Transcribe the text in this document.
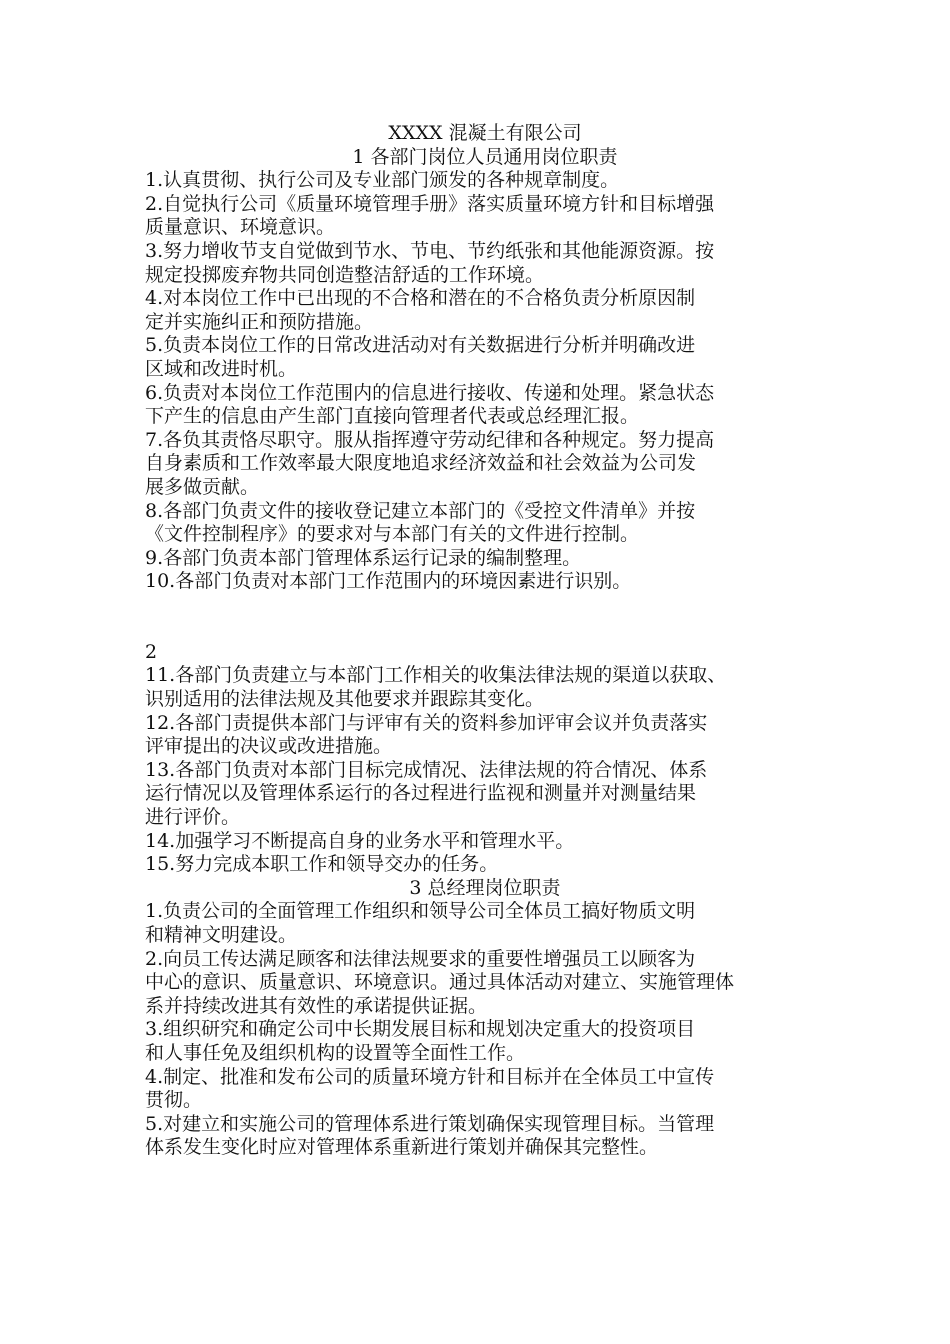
XXXX 混凝土有限公司

1 各部门岗位人员通用岗位职责

1.认真贯彻、执行公司及专业部门颁发的各种规章制度。

2.自觉执行公司《质量环境管理手册》落实质量环境方针和目标增强

质量意识、环境意识。

3.努力增收节支自觉做到节水、节电、节约纸张和其他能源资源。按

规定投掷废弃物共同创造整洁舒适的工作环境。

4.对本岗位工作中已出现的不合格和潜在的不合格负责分析原因制

定并实施纠正和预防措施。

5.负责本岗位工作的日常改进活动对有关数据进行分析并明确改进

区域和改进时机。

6.负责对本岗位工作范围内的信息进行接收、传递和处理。紧急状态

下产生的信息由产生部门直接向管理者代表或总经理汇报。

7.各负其责恪尽职守。服从指挥遵守劳动纪律和各种规定。努力提高

自身素质和工作效率最大限度地追求经济效益和社会效益为公司发

展多做贡献。

8.各部门负责文件的接收登记建立本部门的《受控文件清单》并按

《文件控制程序》的要求对与本部门有关的文件进行控制。

9.各部门负责本部门管理体系运行记录的编制整理。

10.各部门负责对本部门工作范围内的环境因素进行识别。

2

11.各部门负责建立与本部门工作相关的收集法律法规的渠道以获取、

识别适用的法律法规及其他要求并跟踪其变化。

12.各部门责提供本部门与评审有关的资料参加评审会议并负责落实

评审提出的决议或改进措施。

13.各部门负责对本部门目标完成情况、法律法规的符合情况、体系

运行情况以及管理体系运行的各过程进行监视和测量并对测量结果

进行评价。

14.加强学习不断提高自身的业务水平和管理水平。

15.努力完成本职工作和领导交办的任务。

3 总经理岗位职责

1.负责公司的全面管理工作组织和领导公司全体员工搞好物质文明

和精神文明建设。

2.向员工传达满足顾客和法律法规要求的重要性增强员工以顾客为

中心的意识、质量意识、环境意识。通过具体活动对建立、实施管理体

系并持续改进其有效性的承诺提供证据。

3.组织研究和确定公司中长期发展目标和规划决定重大的投资项目

和人事任免及组织机构的设置等全面性工作。

4.制定、批准和发布公司的质量环境方针和目标并在全体员工中宣传

贯彻。

5.对建立和实施公司的管理体系进行策划确保实现管理目标。当管理

体系发生变化时应对管理体系重新进行策划并确保其完整性。
